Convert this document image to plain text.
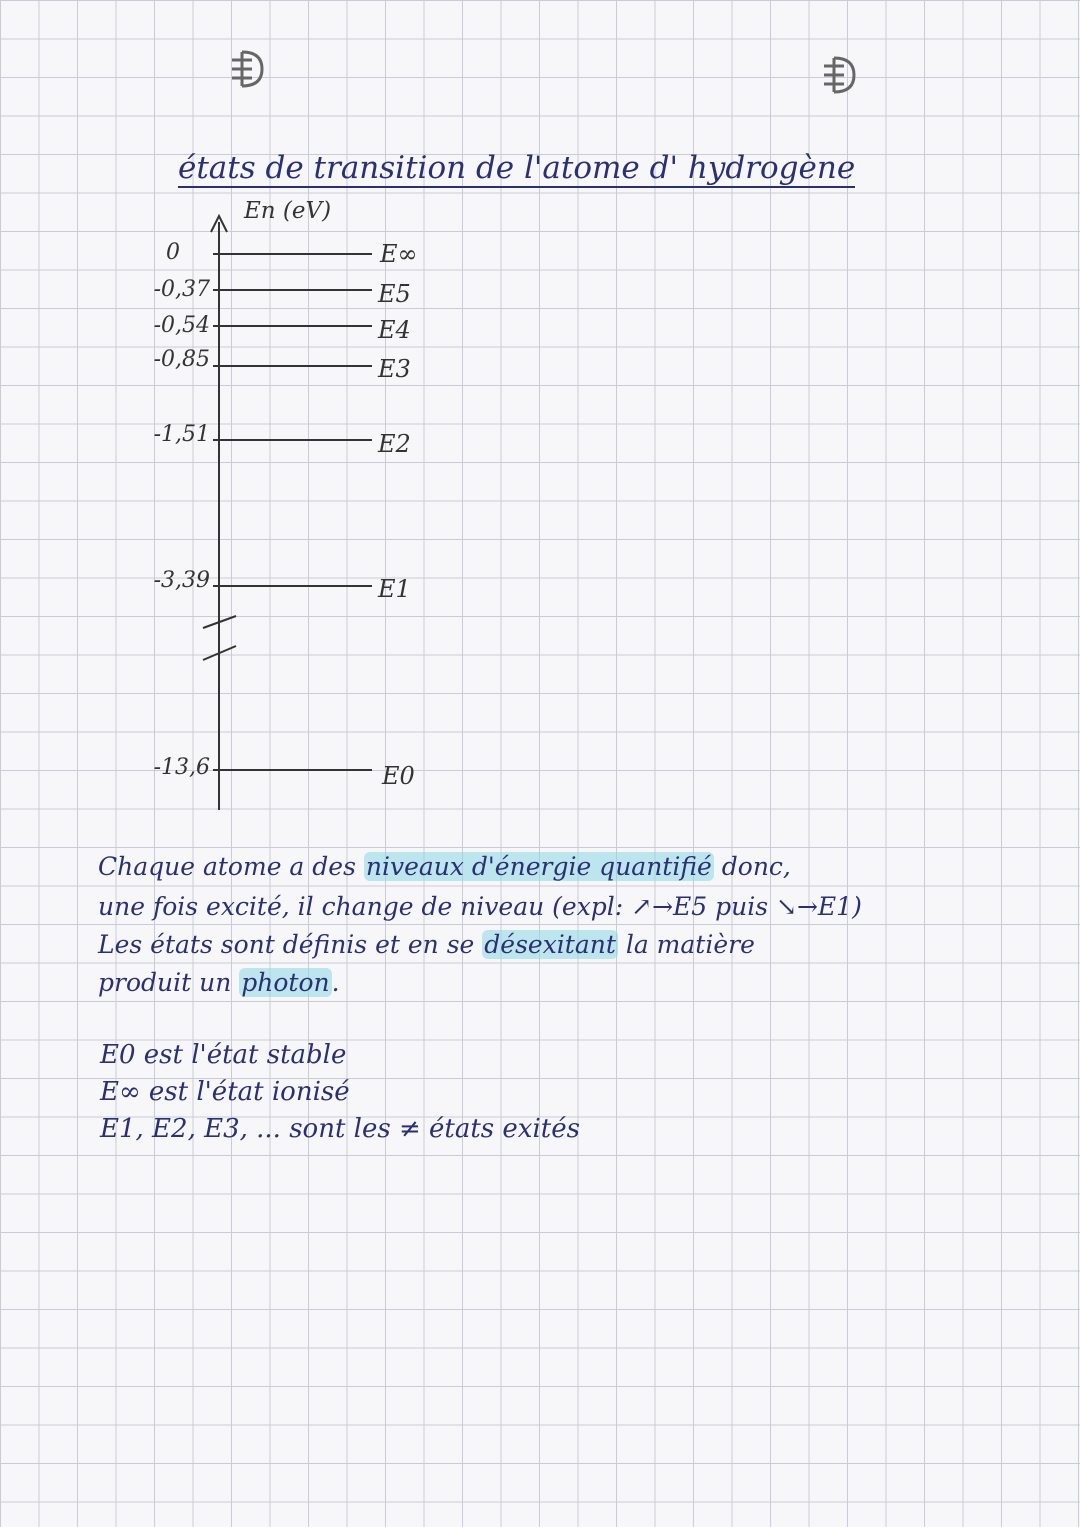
états de transition de l'atome d' hydrogène
En (eV)
0
-0,37
-0,54
-0,85
-1,51
-3,39
-13,6
E∞
E5
E4
E3
E2
E1
E0
Chaque atome a des niveaux d'énergie quantifié donc,
une fois excité, il change de niveau (expl: ↗→E5 puis ↘→E1)
Les états sont définis et en se désexitant la matière
produit un photon.
E0 est l'état stable
E∞ est l'état ionisé
E1, E2, E3, ... sont les ≠ états exités
